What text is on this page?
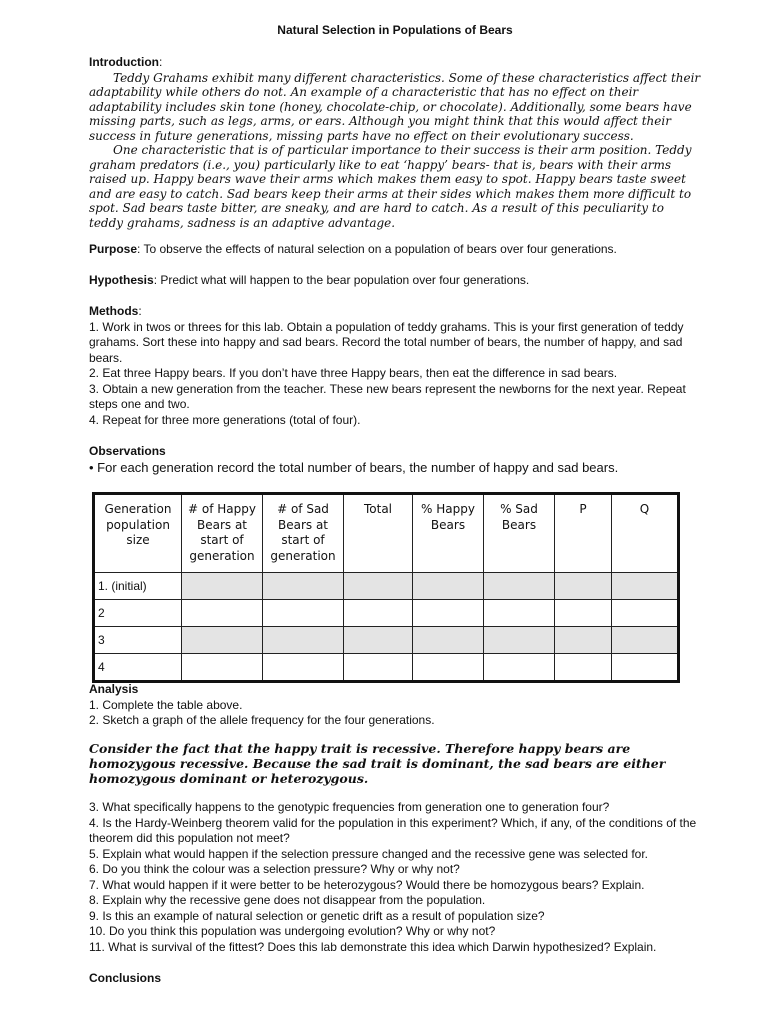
Natural Selection in Populations of Bears
Introduction:

Teddy Grahams exhibit many different characteristics. Some of these characteristics affect their adaptability while others do not. An example of a characteristic that has no effect on their adaptability includes skin tone (honey, chocolate-chip, or chocolate). Additionally, some bears have missing parts, such as legs, arms, or ears. Although you might think that this would affect their success in future generations, missing parts have no effect on their evolutionary success.

One characteristic that is of particular importance to their success is their arm position. Teddy graham predators (i.e., you) particularly like to eat ‘happy’ bears- that is, bears with their arms raised up. Happy bears wave their arms which makes them easy to spot. Happy bears taste sweet and are easy to catch. Sad bears keep their arms at their sides which makes them more difficult to spot. Sad bears taste bitter, are sneaky, and are hard to catch. As a result of this peculiarity to teddy grahams, sadness is an adaptive advantage.

Purpose: To observe the effects of natural selection on a population of bears over four generations.
Hypothesis: Predict what will happen to the bear population over four generations.
Methods:

1. Work in twos or threes for this lab. Obtain a population of teddy grahams. This is your first generation of teddy grahams. Sort these into happy and sad bears. Record the total number of bears, the number of happy, and sad bears.

2. Eat three Happy bears. If you don’t have three Happy bears, then eat the difference in sad bears.

3. Obtain a new generation from the teacher. These new bears represent the newborns for the next year. Repeat steps one and two.

4. Repeat for three more generations (total of four).

Observations

• For each generation record the total number of bears, the number of happy and sad bears.

Generation population size	# of Happy Bears at start of generation	# of Sad Bears at start of generation	Total	% Happy Bears	% Sad Bears	P	Q
1. (initial)							
2							
3							
4							
Analysis

1. Complete the table above.

2. Sketch a graph of the allele frequency for the four generations.

Consider the fact that the happy trait is recessive. Therefore happy bears are homozygous recessive. Because the sad trait is dominant, the sad bears are either homozygous dominant or heterozygous.

3. What specifically happens to the genotypic frequencies from generation one to generation four?

4. Is the Hardy-Weinberg theorem valid for the population in this experiment? Which, if any, of the conditions of the theorem did this population not meet?

5. Explain what would happen if the selection pressure changed and the recessive gene was selected for.

6. Do you think the colour was a selection pressure? Why or why not?

7. What would happen if it were better to be heterozygous? Would there be homozygous bears? Explain.

8. Explain why the recessive gene does not disappear from the population.

9. Is this an example of natural selection or genetic drift as a result of population size?

10. Do you think this population was undergoing evolution? Why or why not?

11. What is survival of the fittest? Does this lab demonstrate this idea which Darwin hypothesized? Explain.

Conclusions
